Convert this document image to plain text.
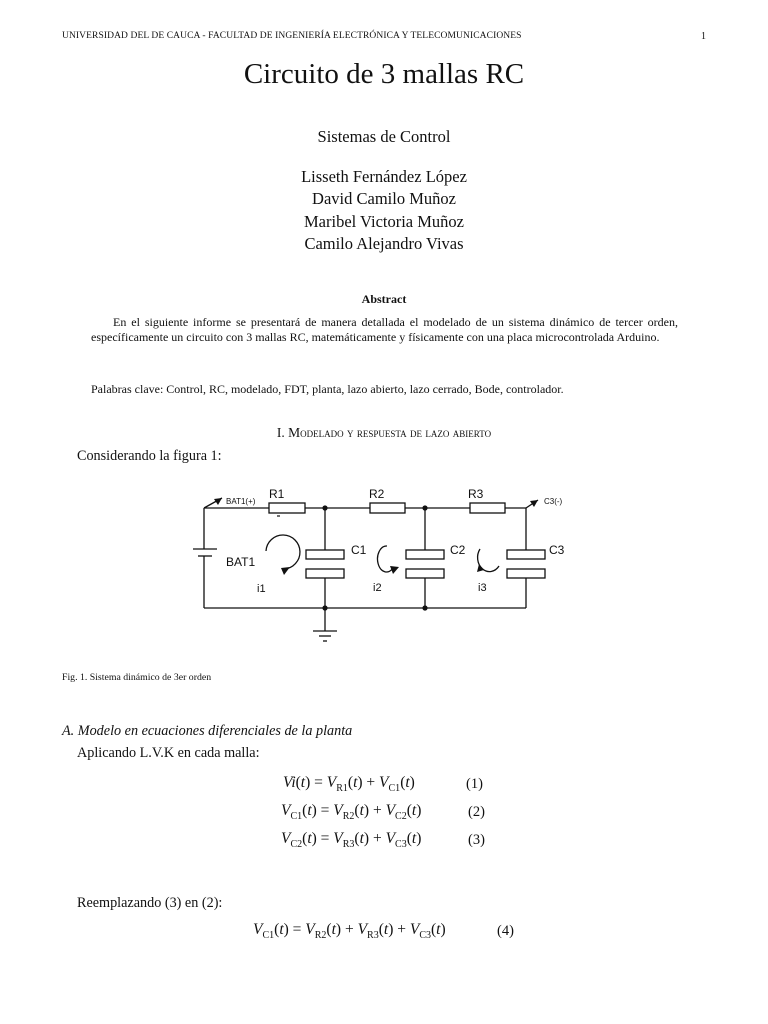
UNIVERSIDAD DEL DE CAUCA - FACULTAD DE INGENIERÍA ELECTRÓNICA Y TELECOMUNICACIONES	1
Circuito de 3 mallas RC
Sistemas de Control
Lisseth Fernández López
David Camilo Muñoz
Maribel Victoria Muñoz
Camilo Alejandro Vivas
Abstract

En el siguiente informe se presentará de manera detallada el modelado de un sistema dinámico de tercer orden, específicamente un circuito con 3 mallas RC, matemáticamente y físicamente con una placa microcontrolada Arduino.

Palabras clave: Control, RC, modelado, FDT, planta, lazo abierto, lazo cerrado, Bode, controlador.
I. Modelado y respuesta de lazo abierto
Considerando la figura 1:
BAT1(+)	C3(-)
R1	R2	R3
C1	C2	C3
BAT1
i1	i2	i3
Fig. 1. Sistema dinámico de 3er orden
A. Modelo en ecuaciones diferenciales de la planta
Aplicando L.V.K en cada malla:
$Vi(t) = V_{R1}(t) + V_{C1}(t)$	(1)
$V_{C1}(t) = V_{R2}(t) + V_{C2}(t)$	(2)
$V_{C2}(t) = V_{R3}(t) + V_{C3}(t)$	(3)
Reemplazando (3) en (2):
$V_{C1}(t) = V_{R2}(t) + V_{R3}(t) + V_{C3}(t)$	(4)
